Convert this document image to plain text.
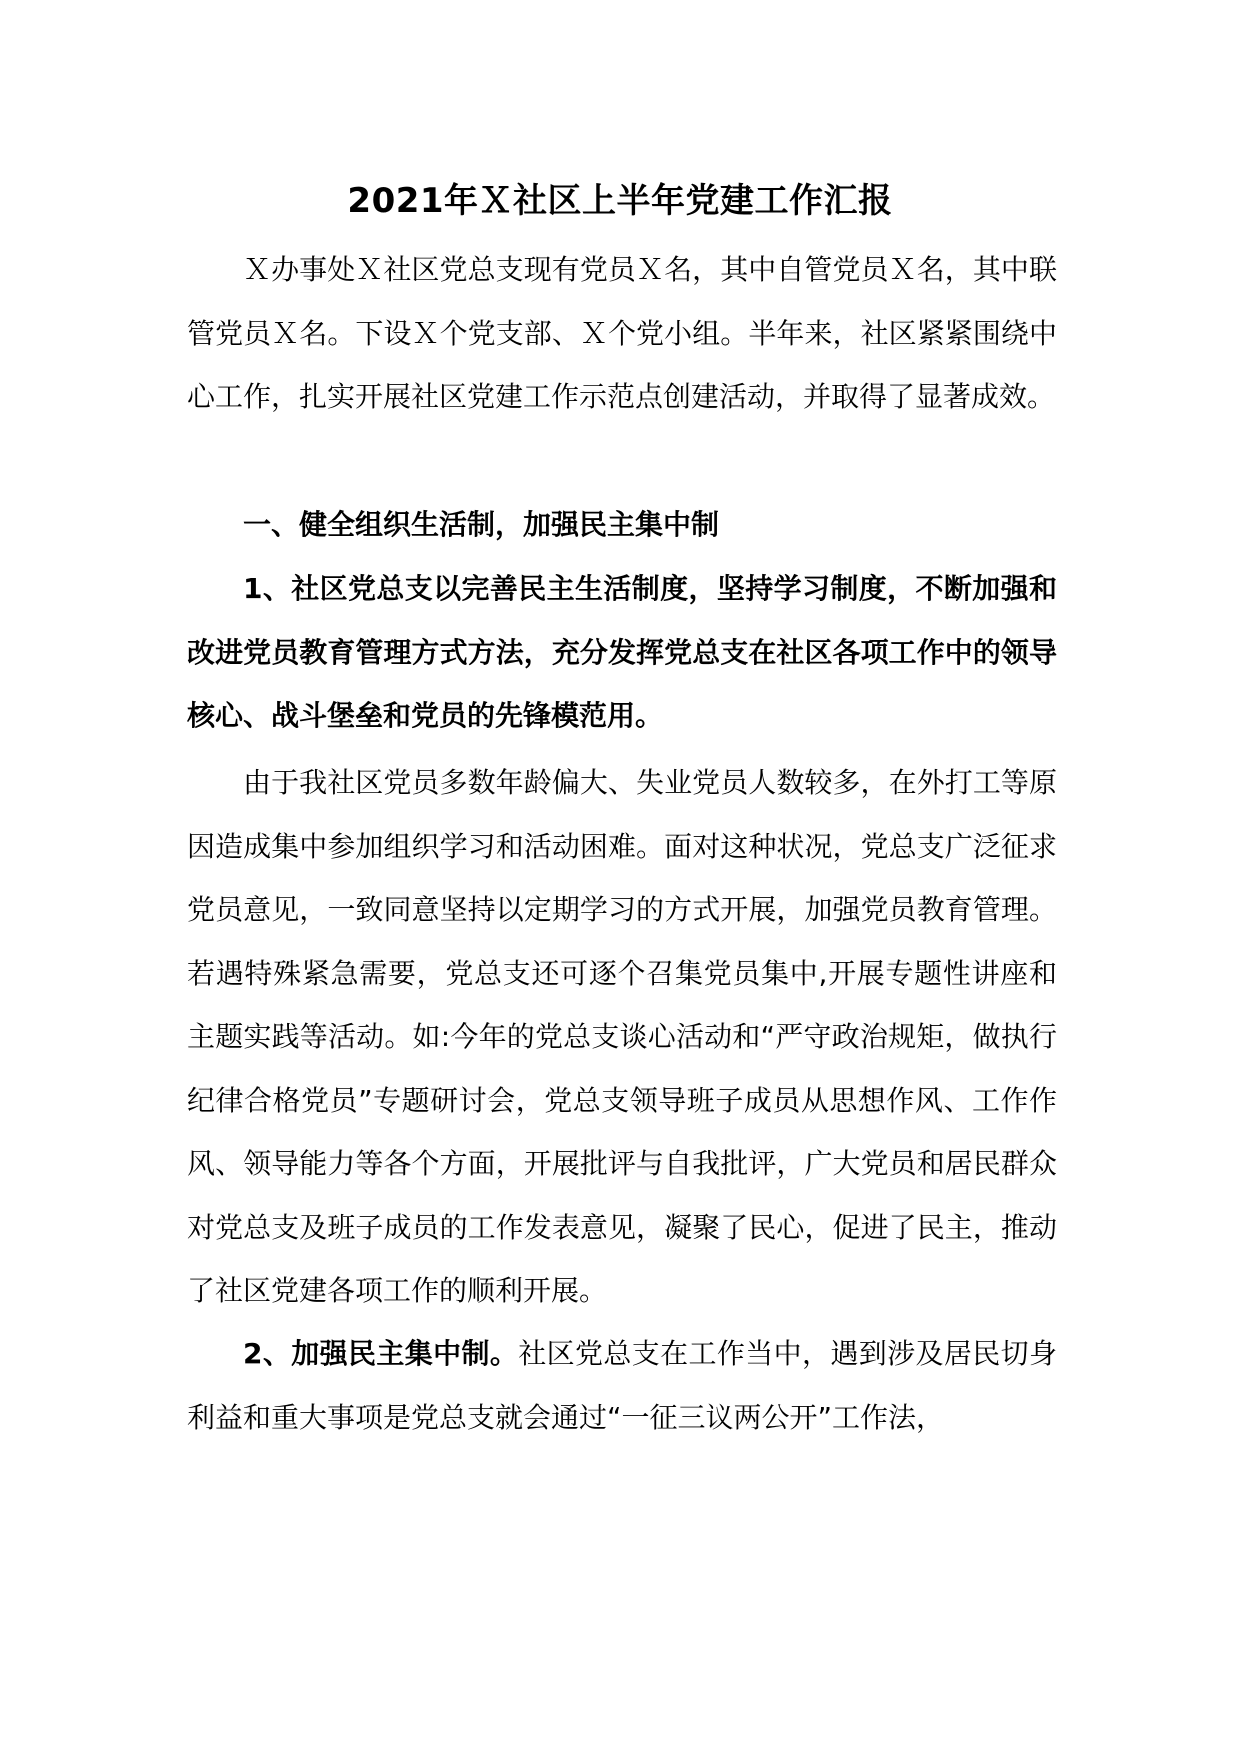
2021年Ｘ社区上半年党建工作汇报
Ｘ办事处Ｘ社区党总支现有党员Ｘ名，其中自管党员Ｘ名，其中联管党员Ｘ名。下设Ｘ个党支部、Ｘ个党小组。半年来，社区紧紧围绕中心工作，扎实开展社区党建工作示范点创建活动，并取得了显著成效。
一、健全组织生活制，加强民主集中制
1、社区党总支以完善民主生活制度，坚持学习制度，不断加强和改进党员教育管理方式方法，充分发挥党总支在社区各项工作中的领导核心、战斗堡垒和党员的先锋模范用。
由于我社区党员多数年龄偏大、失业党员人数较多，在外打工等原因造成集中参加组织学习和活动困难。面对这种状况，党总支广泛征求党员意见，一致同意坚持以定期学习的方式开展，加强党员教育管理。若遇特殊紧急需要，党总支还可逐个召集党员集中,开展专题性讲座和主题实践等活动。如:今年的党总支谈心活动和“严守政治规矩，做执行纪律合格党员”专题研讨会，党总支领导班子成员从思想作风、工作作风、领导能力等各个方面，开展批评与自我批评，广大党员和居民群众对党总支及班子成员的工作发表意见，凝聚了民心，促进了民主，推动了社区党建各项工作的顺利开展。
2、加强民主集中制。社区党总支在工作当中，遇到涉及居民切身利益和重大事项是党总支就会通过“一征三议两公开”工作法，
